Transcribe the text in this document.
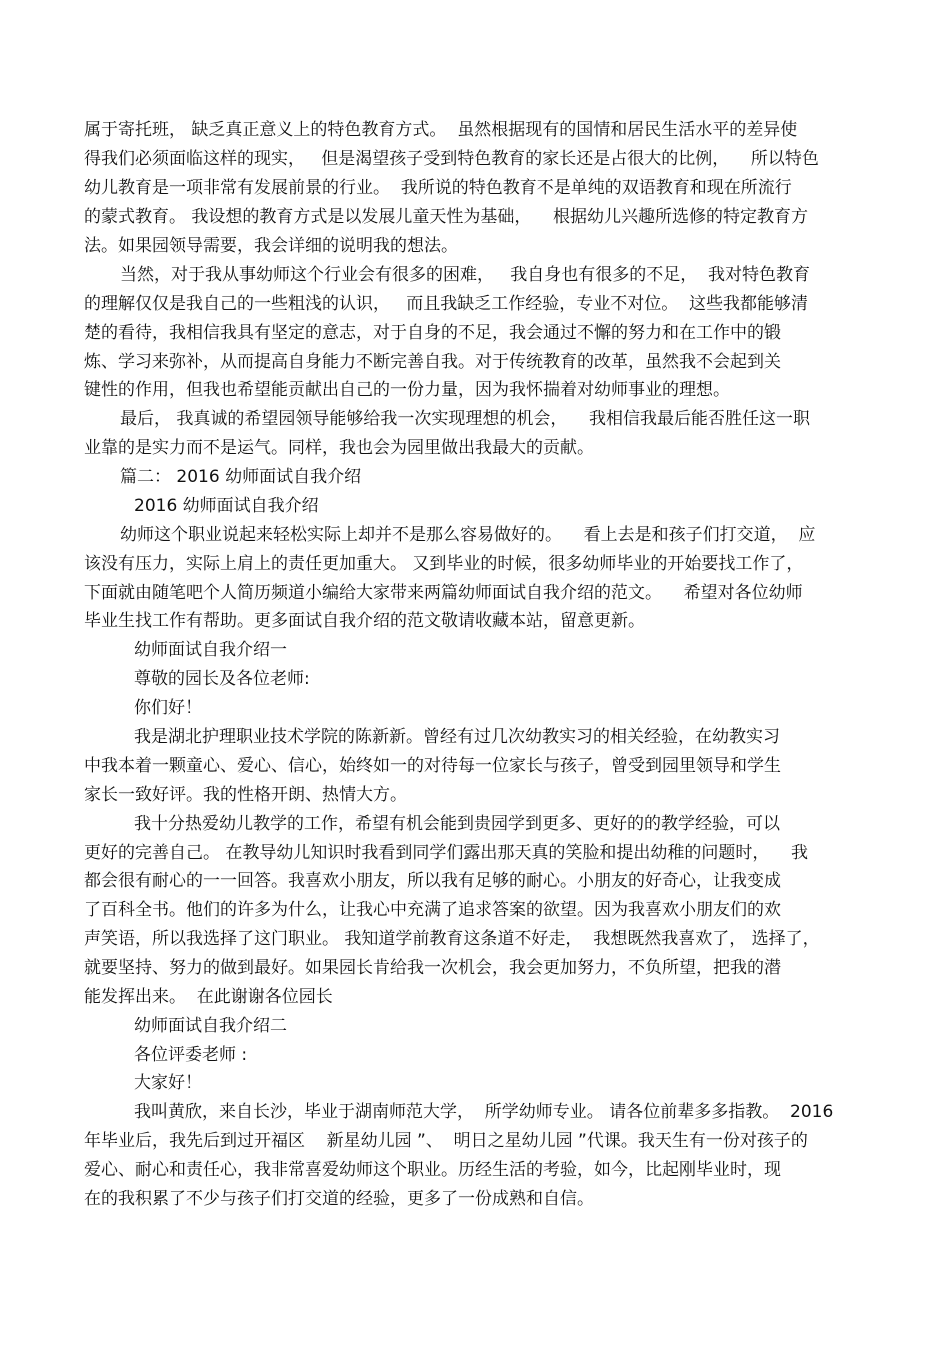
属于寄托班， 缺乏真正意义上的特色教育方式。  虽然根据现有的国情和居民生活水平的差异使
得我们必须面临这样的现实，   但是渴望孩子受到特色教育的家长还是占很大的比例，    所以特色
幼儿教育是一项非常有发展前景的行业。  我所说的特色教育不是单纯的双语教育和现在所流行
的蒙式教育。 我设想的教育方式是以发展儿童天性为基础，    根据幼儿兴趣所选修的特定教育方
法。如果园领导需要，我会详细的说明我的想法。
当然，对于我从事幼师这个行业会有很多的困难，   我自身也有很多的不足，  我对特色教育
的理解仅仅是我自己的一些粗浅的认识，   而且我缺乏工作经验，专业不对位。  这些我都能够清
楚的看待，我相信我具有坚定的意志，对于自身的不足，我会通过不懈的努力和在工作中的锻
炼、学习来弥补，从而提高自身能力不断完善自我。对于传统教育的改革，虽然我不会起到关
键性的作用，但我也希望能贡献出自己的一份力量，因为我怀揣着对幼师事业的理想。
最后， 我真诚的希望园领导能够给我一次实现理想的机会，    我相信我最后能否胜任这一职
业靠的是实力而不是运气。同样，我也会为园里做出我最大的贡献。
篇二： 2016 幼师面试自我介绍
2016 幼师面试自我介绍
幼师这个职业说起来轻松实际上却并不是那么容易做好的。    看上去是和孩子们打交道，  应
该没有压力，实际上肩上的责任更加重大。 又到毕业的时候，很多幼师毕业的开始要找工作了，
下面就由随笔吧个人简历频道小编给大家带来两篇幼师面试自我介绍的范文。    希望对各位幼师
毕业生找工作有帮助。更多面试自我介绍的范文敬请收藏本站，留意更新。
幼师面试自我介绍一
尊敬的园长及各位老师:
你们好！
我是湖北护理职业技术学院的陈新新。曾经有过几次幼教实习的相关经验，在幼教实习
中我本着一颗童心、爱心、信心，始终如一的对待每一位家长与孩子，曾受到园里领导和学生
家长一致好评。我的性格开朗、热情大方。
我十分热爱幼儿教学的工作，希望有机会能到贵园学到更多、更好的的教学经验，可以
更好的完善自己。 在教导幼儿知识时我看到同学们露出那天真的笑脸和提出幼稚的问题时，    我
都会很有耐心的一一回答。我喜欢小朋友，所以我有足够的耐心。小朋友的好奇心，让我变成
了百科全书。他们的许多为什么，让我心中充满了追求答案的欲望。因为我喜欢小朋友们的欢
声笑语，所以我选择了这门职业。 我知道学前教育这条道不好走，  我想既然我喜欢了， 选择了，
就要坚持、努力的做到最好。如果园长肯给我一次机会，我会更加努力，不负所望，把我的潜
能发挥出来。  在此谢谢各位园长
幼师面试自我介绍二
各位评委老师 :
大家好！
我叫黄欣，来自长沙，毕业于湖南师范大学，  所学幼师专业。 请各位前辈多多指教。  2016
年毕业后，我先后到过开福区    新星幼儿园 ”、  明日之星幼儿园 ”代课。我天生有一份对孩子的
爱心、耐心和责任心，我非常喜爱幼师这个职业。历经生活的考验，如今，比起刚毕业时，现
在的我积累了不少与孩子们打交道的经验，更多了一份成熟和自信。
